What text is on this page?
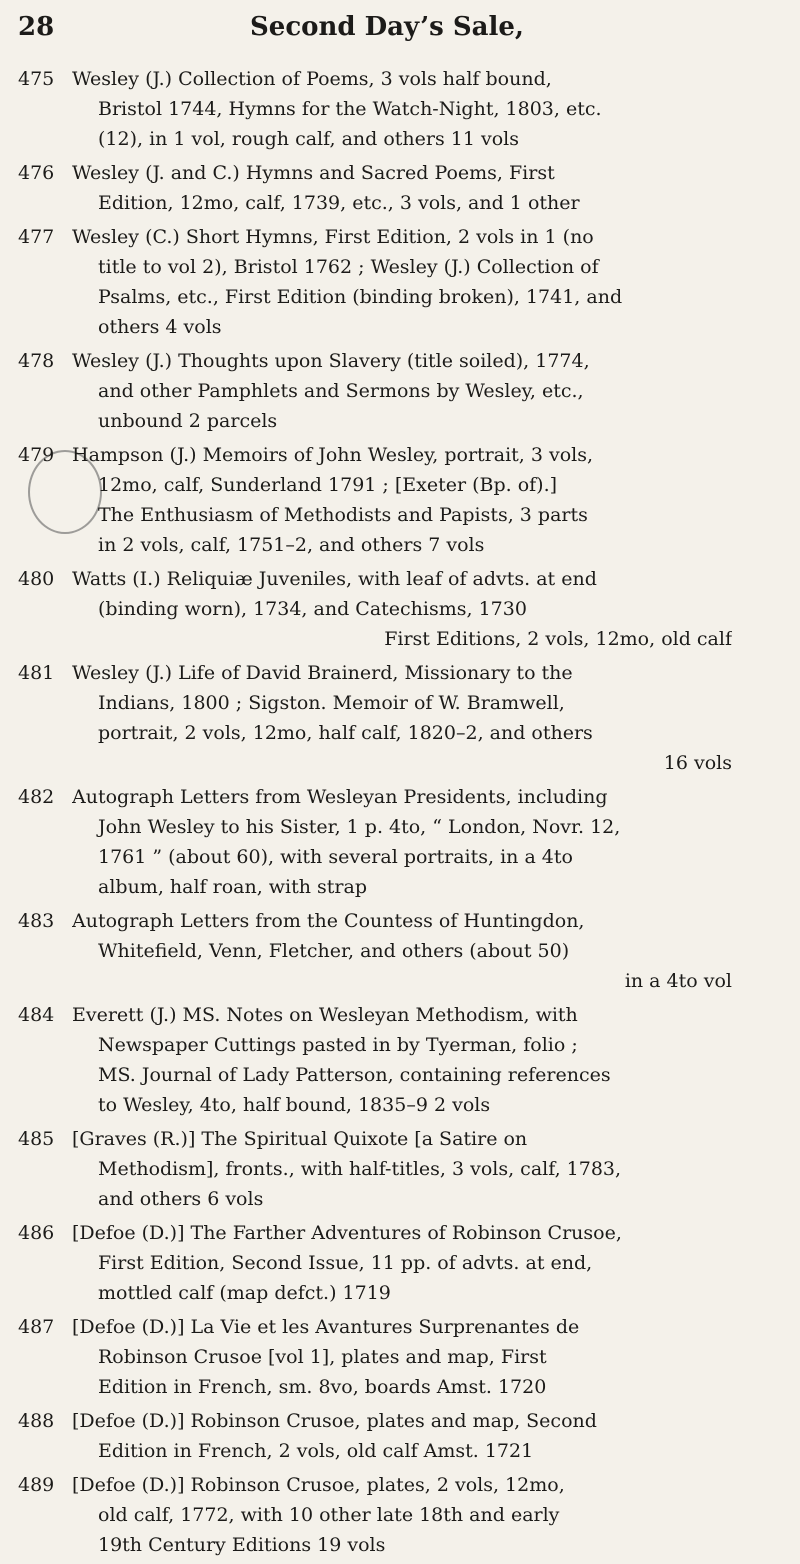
28	Second Day’s Sale,
475 Wesley (J.) Collection of Poems, 3 vols half bound,
Bristol 1744, Hymns for the Watch-Night, 1803, etc.
(12), in 1 vol, rough calf, and others 11 vols
476 Wesley (J. and C.) Hymns and Sacred Poems, First
Edition, 12mo, calf, 1739, etc., 3 vols, and 1 other
477 Wesley (C.) Short Hymns, First Edition, 2 vols in 1 (no
title to vol 2), Bristol 1762 ; Wesley (J.) Collection of
Psalms, etc., First Edition (binding broken), 1741, and
others 4 vols
478 Wesley (J.) Thoughts upon Slavery (title soiled), 1774,
and other Pamphlets and Sermons by Wesley, etc.,
unbound 2 parcels
479 Hampson (J.) Memoirs of John Wesley, portrait, 3 vols,
12mo, calf, Sunderland 1791 ; [Exeter (Bp. of).]
The Enthusiasm of Methodists and Papists, 3 parts
in 2 vols, calf, 1751–2, and others 7 vols
480 Watts (I.) Reliquiæ Juveniles, with leaf of advts. at end
(binding worn), 1734, and Catechisms, 1730
First Editions, 2 vols, 12mo, old calf
481 Wesley (J.) Life of David Brainerd, Missionary to the
Indians, 1800 ; Sigston. Memoir of W. Bramwell,
portrait, 2 vols, 12mo, half calf, 1820–2, and others
16 vols
482 Autograph Letters from Wesleyan Presidents, including
John Wesley to his Sister, 1 p. 4to, “ London, Novr. 12,
1761 ” (about 60), with several portraits, in a 4to
album, half roan, with strap
483 Autograph Letters from the Countess of Huntingdon,
Whitefield, Venn, Fletcher, and others (about 50)
in a 4to vol
484 Everett (J.) MS. Notes on Wesleyan Methodism, with
Newspaper Cuttings pasted in by Tyerman, folio ;
MS. Journal of Lady Patterson, containing references
to Wesley, 4to, half bound, 1835–9 2 vols
485 [Graves (R.)] The Spiritual Quixote [a Satire on
Methodism], fronts., with half-titles, 3 vols, calf, 1783,
and others 6 vols
486 [Defoe (D.)] The Farther Adventures of Robinson Crusoe,
First Edition, Second Issue, 11 pp. of advts. at end,
mottled calf (map defct.) 1719
487 [Defoe (D.)] La Vie et les Avantures Surprenantes de
Robinson Crusoe [vol 1], plates and map, First
Edition in French, sm. 8vo, boards Amst. 1720
488 [Defoe (D.)] Robinson Crusoe, plates and map, Second
Edition in French, 2 vols, old calf Amst. 1721
489 [Defoe (D.)] Robinson Crusoe, plates, 2 vols, 12mo,
old calf, 1772, with 10 other late 18th and early
19th Century Editions 19 vols
